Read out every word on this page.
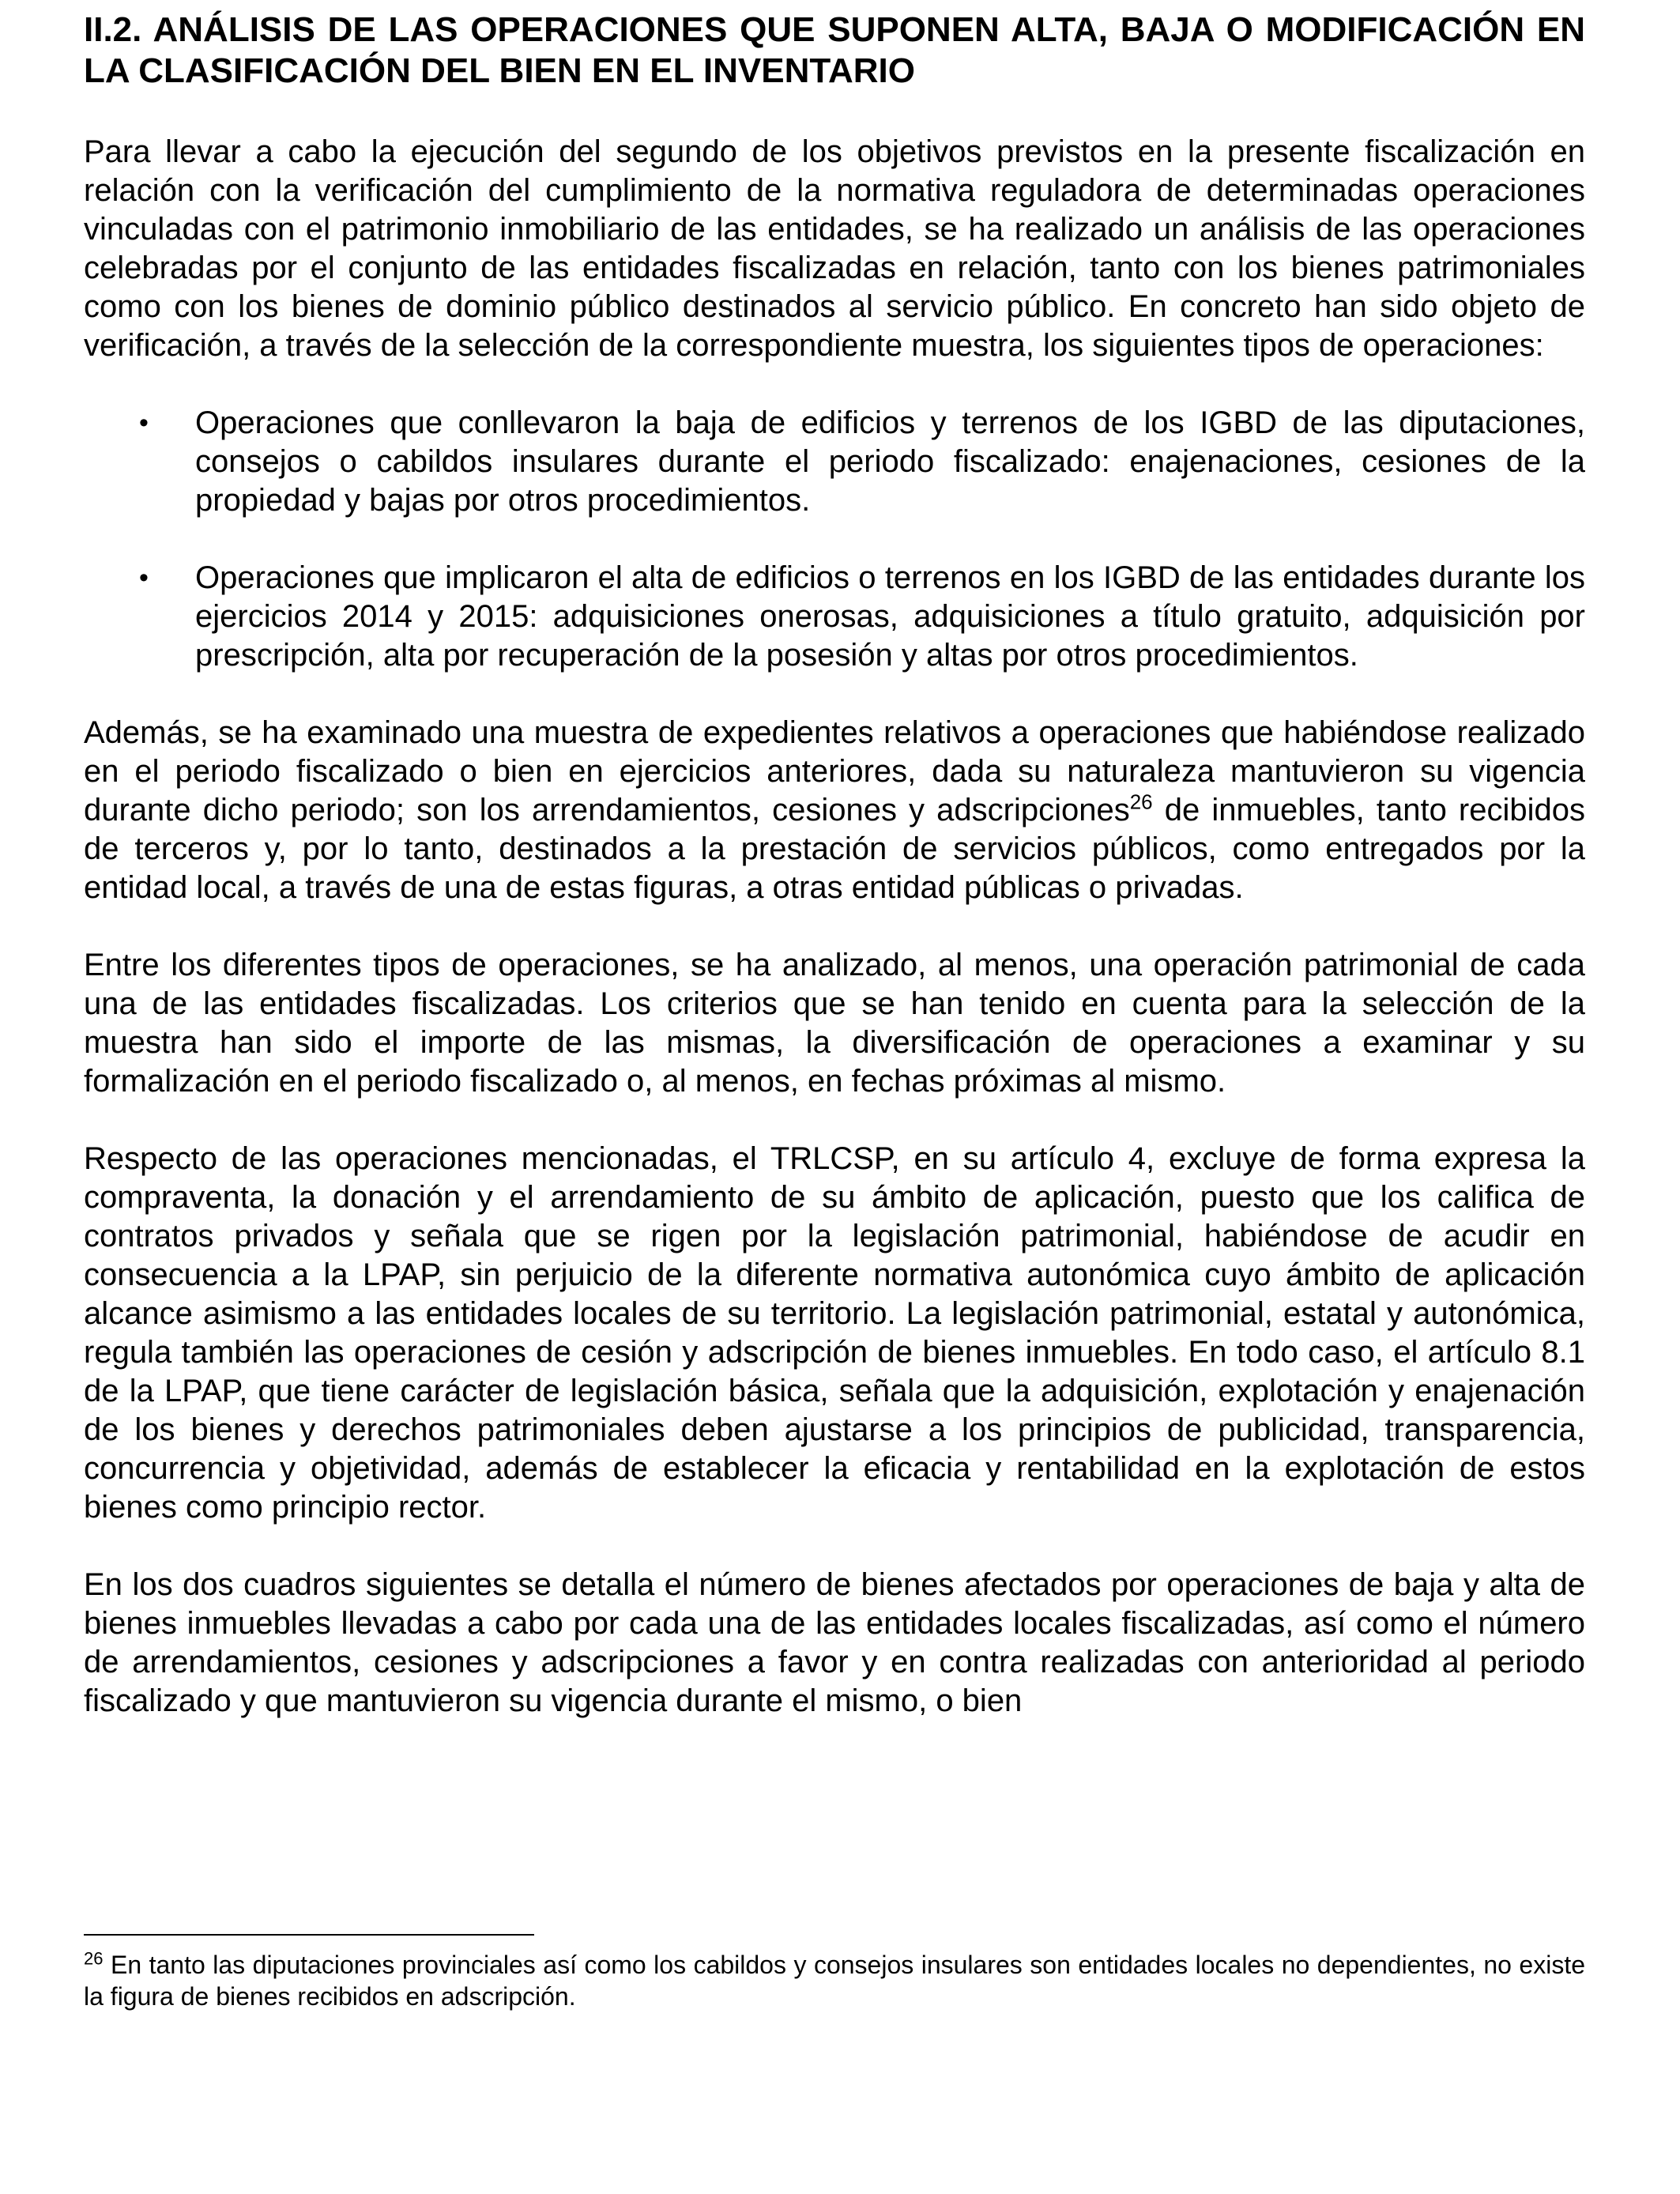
II.2. ANÁLISIS DE LAS OPERACIONES QUE SUPONEN ALTA, BAJA O MODIFICACIÓN EN LA CLASIFICACIÓN DEL BIEN EN EL INVENTARIO

Para llevar a cabo la ejecución del segundo de los objetivos previstos en la presente fiscalización en relación con la verificación del cumplimiento de la normativa reguladora de determinadas operaciones vinculadas con el patrimonio inmobiliario de las entidades, se ha realizado un análisis de las operaciones celebradas por el conjunto de las entidades fiscalizadas en relación, tanto con los bienes patrimoniales como con los bienes de dominio público destinados al servicio público. En concreto han sido objeto de verificación, a través de la selección de la correspondiente muestra, los siguientes tipos de operaciones:

• Operaciones que conllevaron la baja de edificios y terrenos de los IGBD de las diputaciones, consejos o cabildos insulares durante el periodo fiscalizado: enajenaciones, cesiones de la propiedad y bajas por otros procedimientos.
• Operaciones que implicaron el alta de edificios o terrenos en los IGBD de las entidades durante los ejercicios 2014 y 2015: adquisiciones onerosas, adquisiciones a título gratuito, adquisición por prescripción, alta por recuperación de la posesión y altas por otros procedimientos.

Además, se ha examinado una muestra de expedientes relativos a operaciones que habiéndose realizado en el periodo fiscalizado o bien en ejercicios anteriores, dada su naturaleza mantuvieron su vigencia durante dicho periodo; son los arrendamientos, cesiones y adscripciones$^{26}$ de inmuebles, tanto recibidos de terceros y, por lo tanto, destinados a la prestación de servicios públicos, como entregados por la entidad local, a través de una de estas figuras, a otras entidad públicas o privadas.

Entre los diferentes tipos de operaciones, se ha analizado, al menos, una operación patrimonial de cada una de las entidades fiscalizadas. Los criterios que se han tenido en cuenta para la selección de la muestra han sido el importe de las mismas, la diversificación de operaciones a examinar y su formalización en el periodo fiscalizado o, al menos, en fechas próximas al mismo.

Respecto de las operaciones mencionadas, el TRLCSP, en su artículo 4, excluye de forma expresa la compraventa, la donación y el arrendamiento de su ámbito de aplicación, puesto que los califica de contratos privados y señala que se rigen por la legislación patrimonial, habiéndose de acudir en consecuencia a la LPAP, sin perjuicio de la diferente normativa autonómica cuyo ámbito de aplicación alcance asimismo a las entidades locales de su territorio. La legislación patrimonial, estatal y autonómica, regula también las operaciones de cesión y adscripción de bienes inmuebles. En todo caso, el artículo 8.1 de la LPAP, que tiene carácter de legislación básica, señala que la adquisición, explotación y enajenación de los bienes y derechos patrimoniales deben ajustarse a los principios de publicidad, transparencia, concurrencia y objetividad, además de establecer la eficacia y rentabilidad en la explotación de estos bienes como principio rector.

En los dos cuadros siguientes se detalla el número de bienes afectados por operaciones de baja y alta de bienes inmuebles llevadas a cabo por cada una de las entidades locales fiscalizadas, así como el número de arrendamientos, cesiones y adscripciones a favor y en contra realizadas con anterioridad al periodo fiscalizado y que mantuvieron su vigencia durante el mismo, o bien

$^{26}$ En tanto las diputaciones provinciales así como los cabildos y consejos insulares son entidades locales no dependientes, no existe la figura de bienes recibidos en adscripción.
